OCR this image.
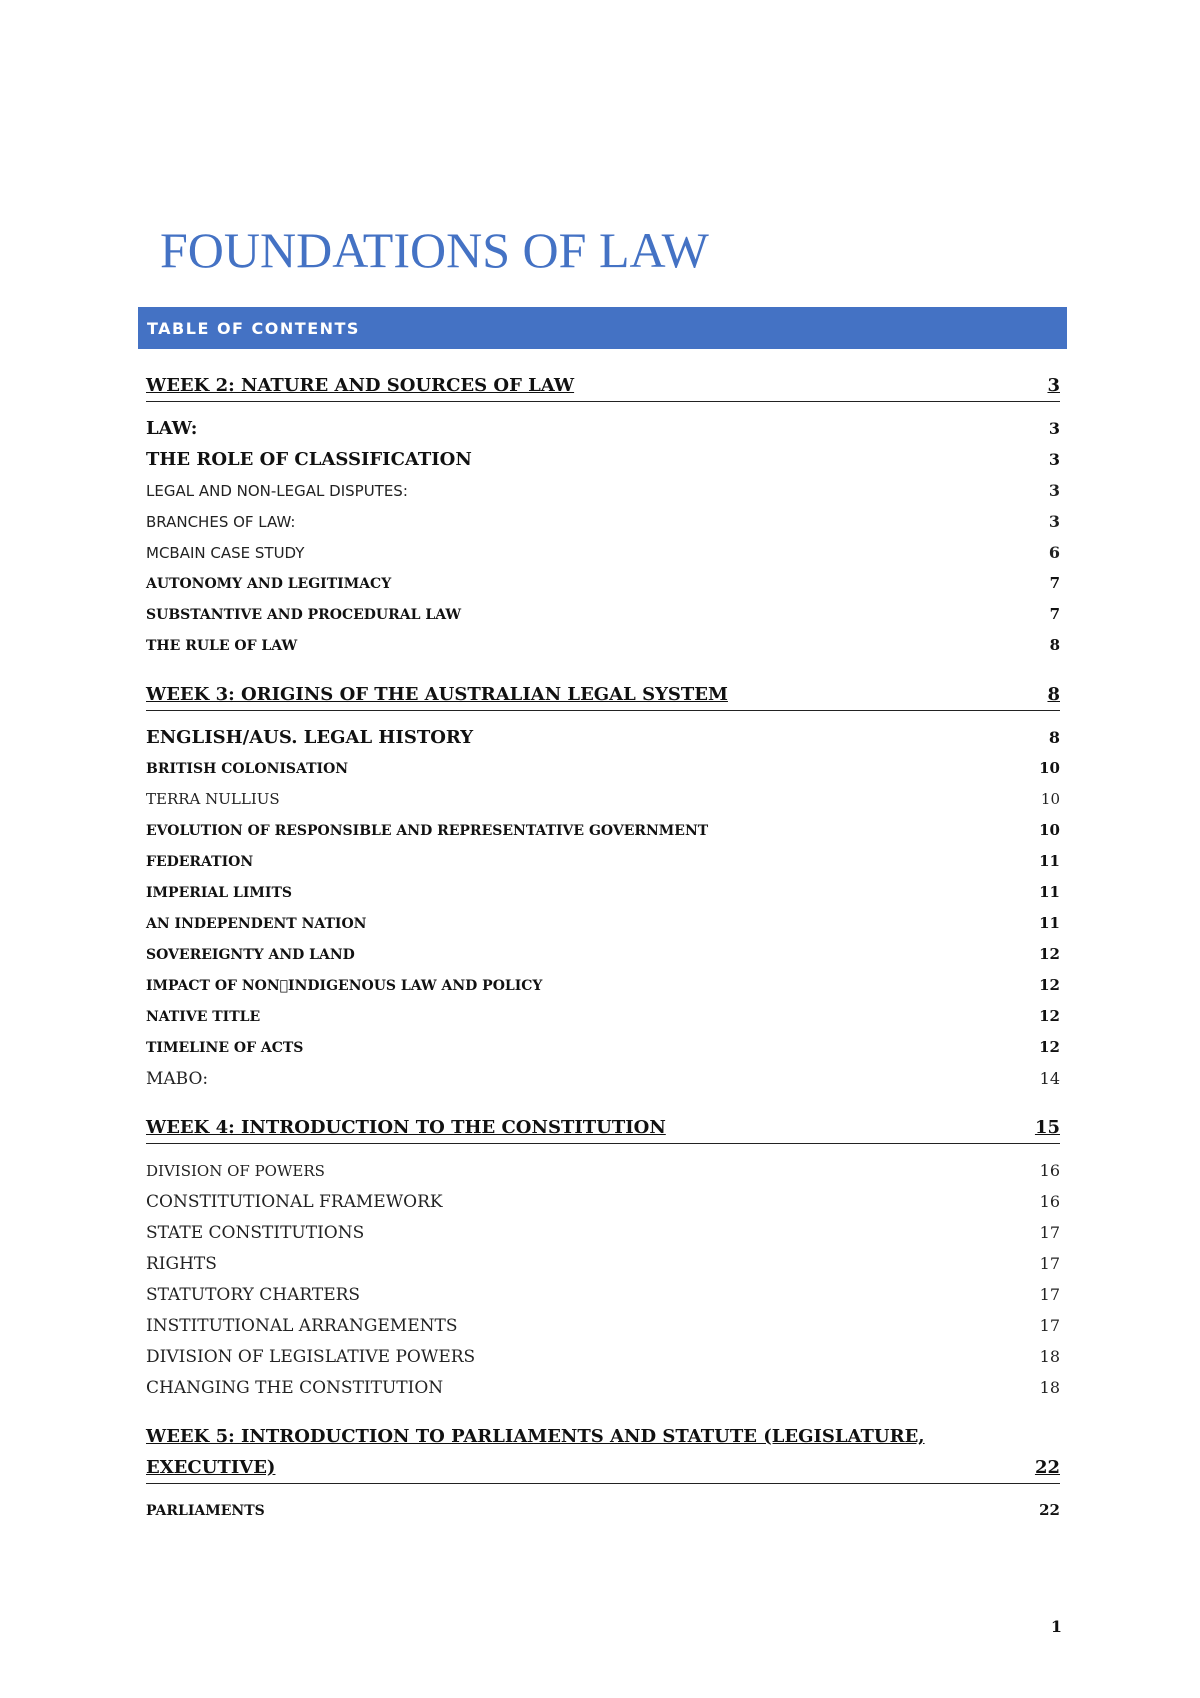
FOUNDATIONS OF LAW
TABLE OF CONTENTS
WEEK 2: NATURE AND SOURCES OF LAW	3
LAW:	3
THE ROLE OF CLASSIFICATION	3
LEGAL AND NON-LEGAL DISPUTES:	3
BRANCHES OF LAW:	3
MCBAIN CASE STUDY	6
AUTONOMY AND LEGITIMACY	7
SUBSTANTIVE AND PROCEDURAL LAW	7
THE RULE OF LAW	8
WEEK 3: ORIGINS OF THE AUSTRALIAN LEGAL SYSTEM	8
ENGLISH/AUS. LEGAL HISTORY	8
BRITISH COLONISATION	10
TERRA NULLIUS	10
EVOLUTION OF RESPONSIBLE AND REPRESENTATIVE GOVERNMENT	10
FEDERATION	11
IMPERIAL LIMITS	11
AN INDEPENDENT NATION	11
SOVEREIGNTY AND LAND	12
IMPACT OF NON INDIGENOUS LAW AND POLICY	12
NATIVE TITLE	12
TIMELINE OF ACTS	12
MABO:	14
WEEK 4: INTRODUCTION TO THE CONSTITUTION	15
DIVISION OF POWERS	16
CONSTITUTIONAL FRAMEWORK	16
STATE CONSTITUTIONS	17
RIGHTS	17
STATUTORY CHARTERS	17
INSTITUTIONAL ARRANGEMENTS	17
DIVISION OF LEGISLATIVE POWERS	18
CHANGING THE CONSTITUTION	18
WEEK 5: INTRODUCTION TO PARLIAMENTS AND STATUTE (LEGISLATURE,
EXECUTIVE)	22
PARLIAMENTS	22
1
